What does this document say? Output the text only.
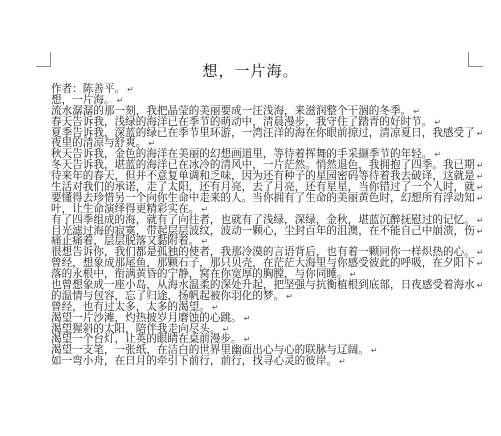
想，一片海。
作者：陈善平。 ↵
想，一片海。 ↵
流水潺潺的那一刻，我把晶莹的美丽要成一汪浅海，来滋润整个干涸的冬季。 ↵
春天告诉我，浅绿的海洋已在季节的萌动中，清晨漫步，我守住了踏青的好时节。 ↵
夏季告诉我，深蓝的绿已在季节里环游，一湾汪洋的海在你眼前掠过，清凉夏日，我感受了 ↵
夜里的清凉与舒爽。 ↵
秋天告诉我，金色的海洋在美丽的幻想画道里，等待着挥舞的手采撷季节的年轻。 ↵
冬天告诉我，堪蓝的海洋已在冰冷的清风中，一片茫然。悄然退色，我拥抱了四季。我已期 ↵
待来年的春天，但并不意复单调和乏味，因为还有种子的星园密码等待着我去破译，这就是 ↵
生活对我们的承诺，走了太阳，还有月亮，去了月亮，还有星星，当你错过了一个人时，就 ↵
要懂得去珍惜另一个向你生命中走来的人。当你拥有了生命的美丽黄色时，幻想所有浮动知 ↵
叶，让生命演绎得更精彩实在。 ↵
有了四季组成的海，就有了向往者，也就有了浅绿，深绿，金秋，堪蓝沉醉抚慰过的记忆。 ↵
目光滤过海的寂寞，带起层层波纹，波动一颗心，尘封百年的沮澳，在不能自己中崩溃，伤 ↵
痛止痛着，层层脱落又黏附着。 ↵
很想告诉你，我们都是孤独的使者，我那冷漠的言语背后，也有着一颗同你一样炽热的心。 ↵
曾经，想象成那尾鱼，那颗石子，那只贝壳，在茫茫大海里与你感受彼此的呼吸，在夕阳下 ↵
落的永根中，衔满黄昏的宁静，窝在你宽厚的胸膛，与你同睡。 ↵
也曾想象成一座小岛，从海水温柔的深处升起，把坚强与抗衡植根到底部，日夜感受着海水 ↵
的温情与包容，忘了归途，扬帆起被你羽化的梦。 ↵
曾经，也有过太多，太多的渴望。 ↵
渴望一片沙滩，灼热披岁月磨蚀的心跳。 ↵
渴望猩斜的太阳，陪伴我走向尽头。 ↵
渴望一个台灯，让英的眼睛在桌前漫步。 ↵
渴望一支笔，一张纸，在洁白的世界里幽面出心与心的联脉与辽阔。 ↵
如一弯小舟，在日月的牵引下前行，前行，找寻心灵的彼岸。 ↵
